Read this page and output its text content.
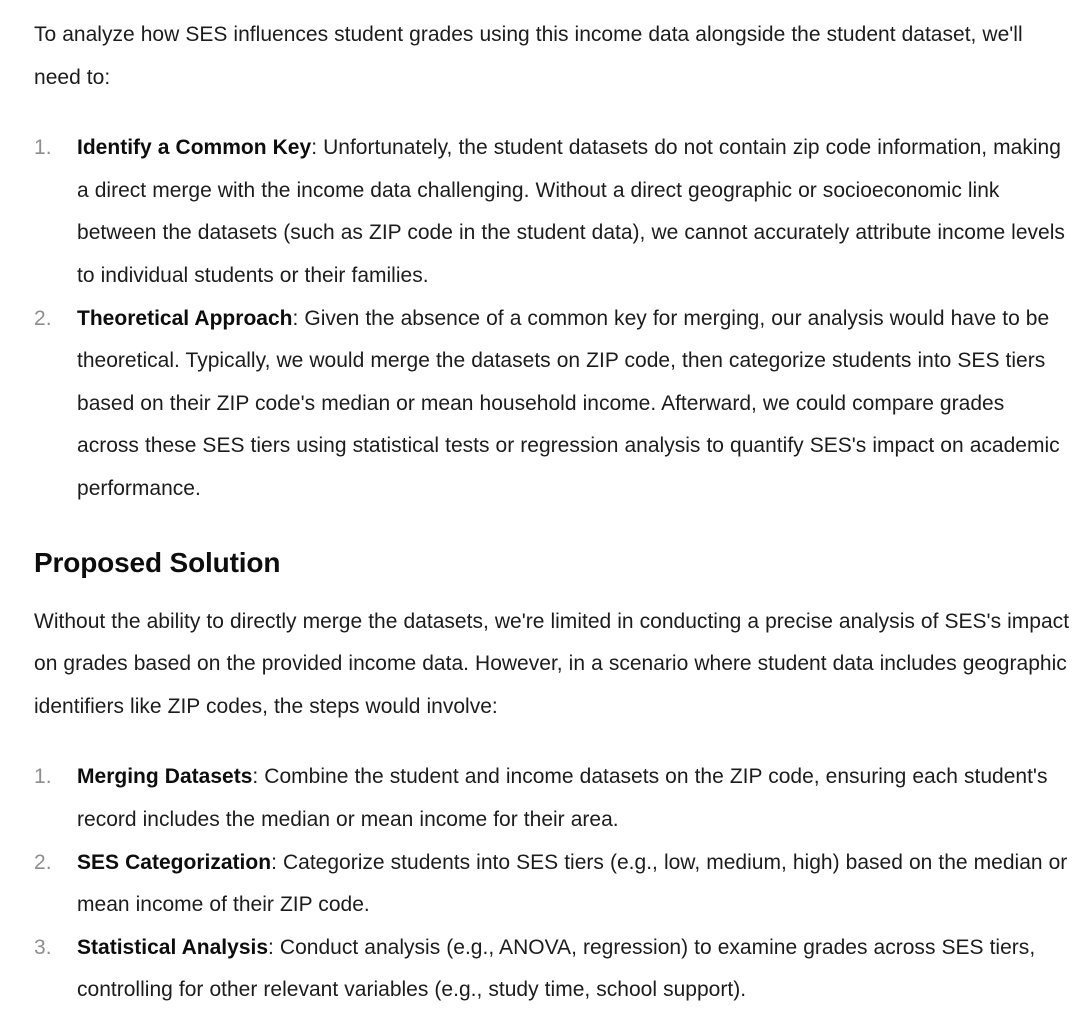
To analyze how SES influences student grades using this income data alongside the student dataset, we'll need to:

Identify a Common Key: Unfortunately, the student datasets do not contain zip code information, making a direct merge with the income data challenging. Without a direct geographic or socioeconomic link between the datasets (such as ZIP code in the student data), we cannot accurately attribute income levels to individual students or their families.
Theoretical Approach: Given the absence of a common key for merging, our analysis would have to be theoretical. Typically, we would merge the datasets on ZIP code, then categorize students into SES tiers based on their ZIP code's median or mean household income. Afterward, we could compare grades across these SES tiers using statistical tests or regression analysis to quantify SES's impact on academic performance.
Proposed Solution

Without the ability to directly merge the datasets, we're limited in conducting a precise analysis of SES's impact on grades based on the provided income data. However, in a scenario where student data includes geographic identifiers like ZIP codes, the steps would involve:

Merging Datasets: Combine the student and income datasets on the ZIP code, ensuring each student's record includes the median or mean income for their area.
SES Categorization: Categorize students into SES tiers (e.g., low, medium, high) based on the median or mean income of their ZIP code.
Statistical Analysis: Conduct analysis (e.g., ANOVA, regression) to examine grades across SES tiers, controlling for other relevant variables (e.g., study time, school support).
